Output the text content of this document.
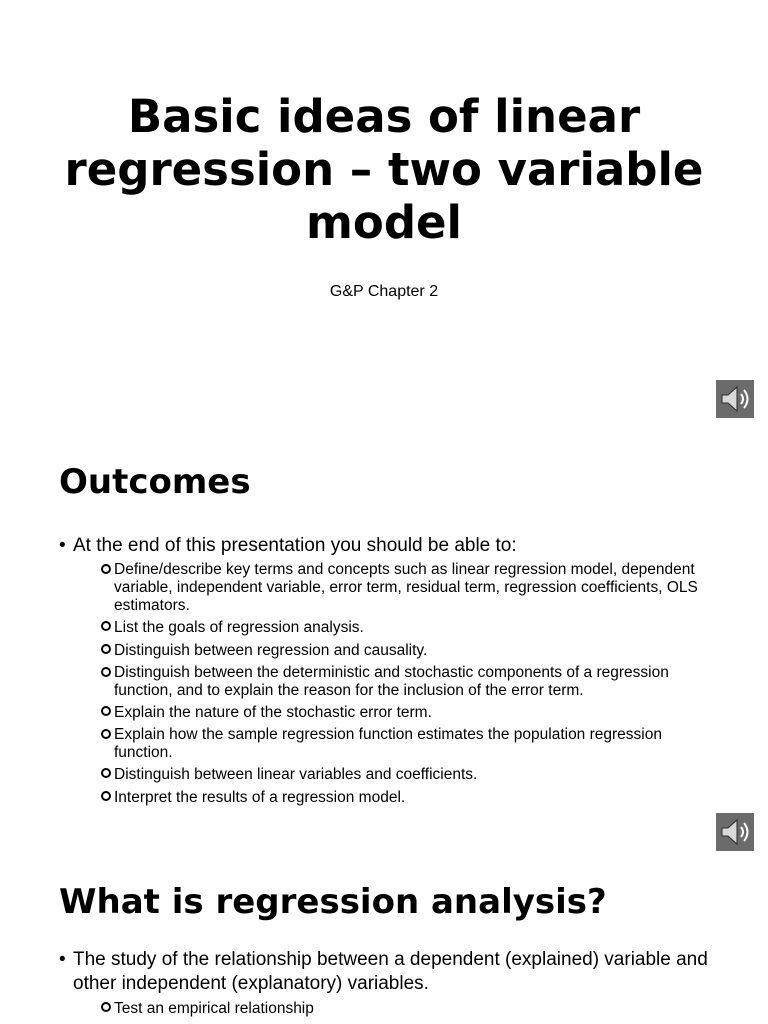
Basic ideas of linear regression – two variable model
G&P Chapter 2
Outcomes
• At the end of this presentation you should be able to:
Define/describe key terms and concepts such as linear regression model, dependent variable, independent variable, error term, residual term, regression coefficients, OLS estimators.
List the goals of regression analysis.
Distinguish between regression and causality.
Distinguish between the deterministic and stochastic components of a regression function, and to explain the reason for the inclusion of the error term.
Explain the nature of the stochastic error term.
Explain how the sample regression function estimates the population regression function.
Distinguish between linear variables and coefficients.
Interpret the results of a regression model.
What is regression analysis?
• The study of the relationship between a dependent (explained) variable and other independent (explanatory) variables.
Test an empirical relationship
